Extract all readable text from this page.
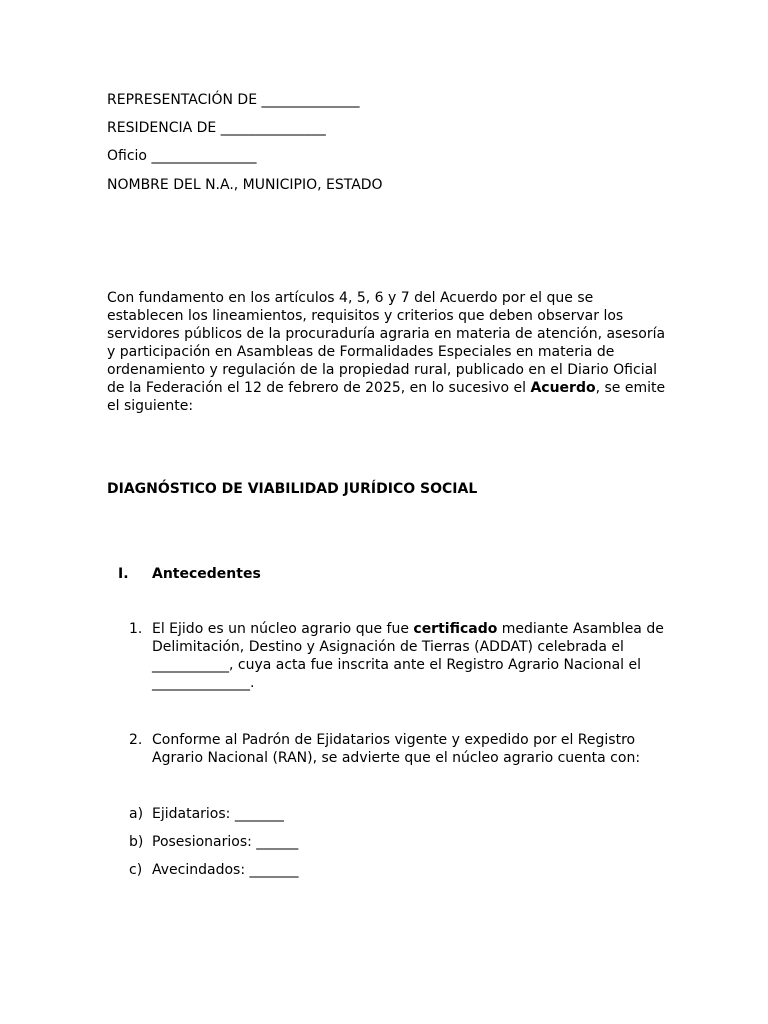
REPRESENTACIÓN DE ______________
RESIDENCIA DE _______________
Oficio _______________
NOMBRE DEL N.A., MUNICIPIO, ESTADO
Con fundamento en los artículos 4, 5, 6 y 7 del Acuerdo por el que se
establecen los lineamientos, requisitos y criterios que deben observar los
servidores públicos de la procuraduría agraria en materia de atención, asesoría
y participación en Asambleas de Formalidades Especiales en materia de
ordenamiento y regulación de la propiedad rural, publicado en el Diario Oficial
de la Federación el 12 de febrero de 2025, en lo sucesivo el Acuerdo, se emite
el siguiente:
DIAGNÓSTICO DE VIABILIDAD JURÍDICO SOCIAL
I. Antecedentes
1. El Ejido es un núcleo agrario que fue certificado mediante Asamblea de
Delimitación, Destino y Asignación de Tierras (ADDAT) celebrada el
___________, cuya acta fue inscrita ante el Registro Agrario Nacional el
______________.
2. Conforme al Padrón de Ejidatarios vigente y expedido por el Registro
Agrario Nacional (RAN), se advierte que el núcleo agrario cuenta con:
a) Ejidatarios: _______
b) Posesionarios: ______
c) Avecindados: _______
